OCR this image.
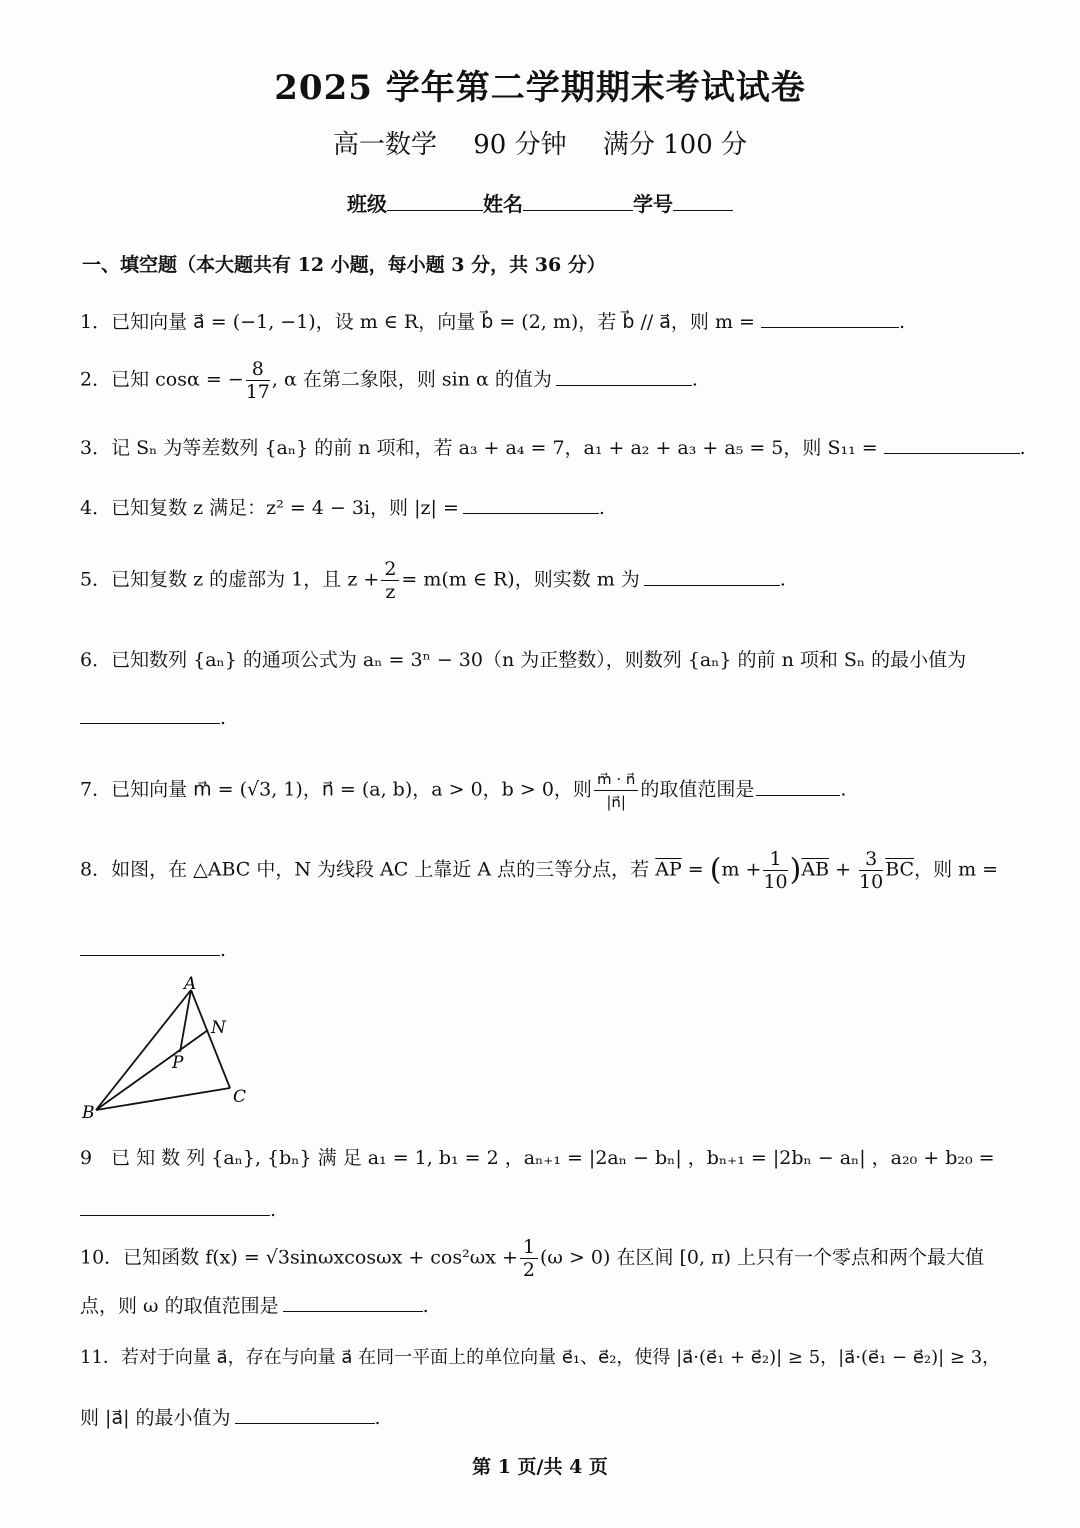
2025 学年第二学期期末考试试卷
高一数学 90 分钟 满分 100 分
班级	姓名	学号
一、填空题（本大题共有 12 小题，每小题 3 分，共 36 分）
1．已知向量 a⃗ = (−1, −1)，设 m ∈ R，向量 b⃗ = (2, m)，若 b⃗ // a⃗，则 m =	.
2．已知 cosα = − $\frac{8}{17}$ , α 在第二象限，则 sin α 的值为	.
3．记 Sₙ 为等差数列 {aₙ} 的前 n 项和，若 a₃ + a₄ = 7，a₁ + a₂ + a₃ + a₅ = 5，则 S₁₁ =	.
4．已知复数 z 满足：z² = 4 − 3i，则 |z| =	.
5．已知复数 z 的虚部为 1，且 $z + \frac{2}{z} = m(m$ ∈ R)，则实数 m 为	.
6．已知数列 {aₙ} 的通项公式为 aₙ = 3ⁿ − 30（n 为正整数），则数列 {aₙ} 的前 n 项和 Sₙ 的最小值为
.
7．已知向量 m⃗ = (√3, 1)，n⃗ = (a, b)，a > 0，b > 0，则 $\frac{m⃗ \cdot n⃗}{|n⃗|}$ 的取值范围是	.
8．如图，在 △ABC 中，N 为线段 AC 上靠近 A 点的三等分点，若 $\overline{AP} = (m + \frac{1}{10} )\overline{AB} + \frac{3}{10} \overline{BC}$，则 m =
.
A
B
C
N
P
9　已 知 数 列 {aₙ}, {bₙ} 满 足 a₁ = 1, b₁ = 2 ，aₙ₊₁ = |2aₙ − bₙ| ，bₙ₊₁ = |2bₙ − aₙ| ，a₂₀ + b₂₀ =
.
10．已知函数 $f(x) = √3\sin\omega xcos\omega x + \cos^2\omega x + \frac{1}{2} (\omega > 0)$ 在区间 [0, π) 上只有一个零点和两个最大值
点，则 ω 的取值范围是	.
11．若对于向量 a⃗，存在与向量 a⃗ 在同一平面上的单位向量 e⃗₁、e⃗₂，使得 |a⃗·(e⃗₁ + e⃗₂)| ≥ 5，|a⃗·(e⃗₁ − e⃗₂)| ≥ 3，
则 |a⃗| 的最小值为	.
第 1 页/共 4 页
